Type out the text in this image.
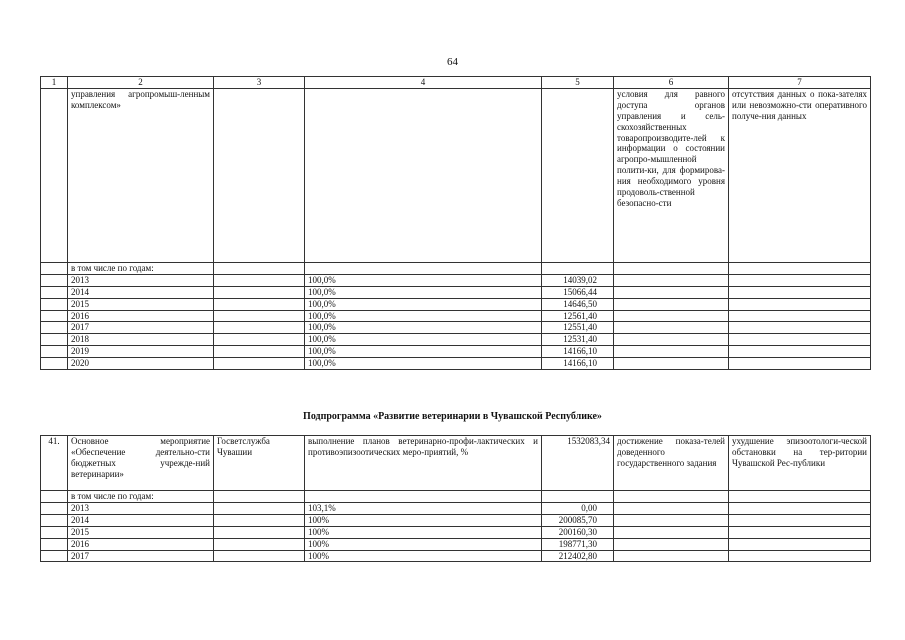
64
1	2	3	4	5	6	7
	управления агропромыш-ленным комплексом»				условия для равного доступа органов управления и сель-скохозяйственных товаропроизводите-лей к информации о состоянии агропро-мышленной полити-ки, для формирова-ния необходимого уровня продоволь-ственной безопасно-сти	отсутствия данных о пока-зателях или невозможно-сти оперативного получе-ния данных
	в том числе по годам:					
	2013		100,0%	14039,02		
	2014		100,0%	15066,44		
	2015		100,0%	14646,50		
	2016		100,0%	12561,40		
	2017		100,0%	12551,40		
	2018		100,0%	12531,40		
	2019		100,0%	14166,10		
	2020		100,0%	14166,10		
Подпрограмма «Развитие ветеринарии в Чувашской Республике»
41.	Основное мероприятие «Обеспечение деятельно-сти бюджетных учрежде-ний ветеринарии»	Госветслужба Чувашии	выполнение планов ветеринарно-профи-лактических и противоэпизоотических меро-приятий, %	1532083,34	достижение показа-телей доведенного государственного задания	ухудшение эпизоотологи-ческой обстановки на тер-ритории Чувашской Рес-публики
	в том числе по годам:					
	2013		103,1%	0,00		
	2014		100%	200085,70		
	2015		100%	200160,30		
	2016		100%	198771,30		
	2017		100%	212402,80		
